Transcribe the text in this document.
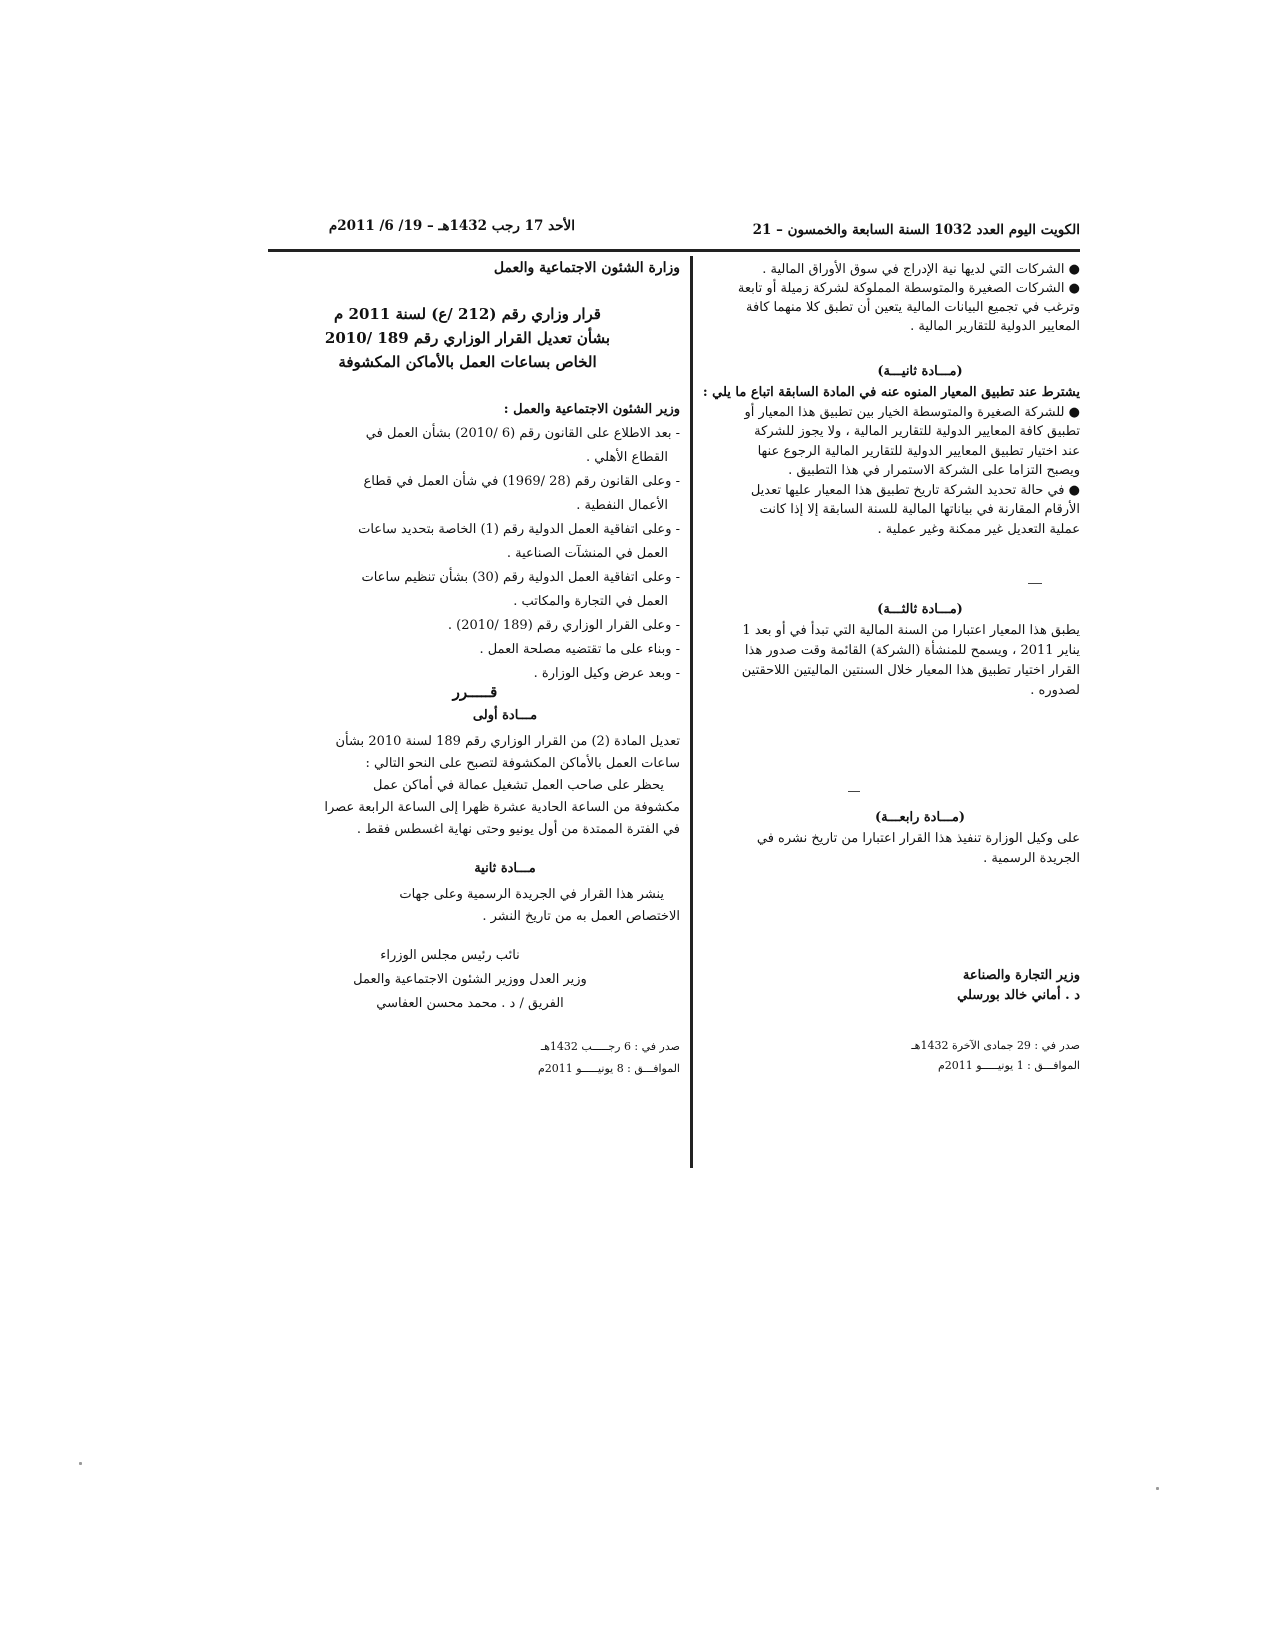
الكويت اليوم العدد 1032 السنة السابعة والخمسون – 21
الأحد 17 رجب 1432هـ – 19/ 6/ 2011م
● الشركات التي لديها نية الإدراج في سوق الأوراق المالية .
● الشركات الصغيرة والمتوسطة المملوكة لشركة زميلة أو تابعة
وترغب في تجميع البيانات المالية يتعين أن تطبق كلا منهما كافة
المعايير الدولية للتقارير المالية .
(مـــادة ثانيـــة)
يشترط عند تطبيق المعيار المنوه عنه في المادة السابقة اتباع ما يلي :
● للشركة الصغيرة والمتوسطة الخيار بين تطبيق هذا المعيار أو
تطبيق كافة المعايير الدولية للتقارير المالية ، ولا يجوز للشركة
عند اختيار تطبيق المعايير الدولية للتقارير المالية الرجوع عنها
ويصبح التزاما على الشركة الاستمرار في هذا التطبيق .
● في حالة تحديد الشركة تاريخ تطبيق هذا المعيار عليها تعديل
الأرقام المقارنة في بياناتها المالية للسنة السابقة إلا إذا كانت
عملية التعديل غير ممكنة وغير عملية .
(مـــادة ثالثـــة)
يطبق هذا المعيار اعتبارا من السنة المالية التي تبدأ في أو بعد 1
يناير 2011 ، ويسمح للمنشأة (الشركة) القائمة وقت صدور هذا
القرار اختيار تطبيق هذا المعيار خلال السنتين الماليتين اللاحقتين
لصدوره .
(مـــادة رابعـــة)
على وكيل الوزارة تنفيذ هذا القرار اعتبارا من تاريخ نشره في
الجريدة الرسمية .
وزير التجارة والصناعة
د . أماني خالد بورسلي
صدر في : 29 جمادى الآخرة 1432هـ
الموافـــق : 1 يونيـــــو 2011م
وزارة الشئون الاجتماعية والعمل
قرار وزاري رقم (212 /ع) لسنة 2011 م
بشأن تعديل القرار الوزاري رقم 189 /2010
الخاص بساعات العمل بالأماكن المكشوفة
وزير الشئون الاجتماعية والعمل :
- بعد الاطلاع على القانون رقم (6 /2010) بشأن العمل في
القطاع الأهلي .
- وعلى القانون رقم (28 /1969) في شأن العمل في قطاع
الأعمال النفطية .
- وعلى اتفاقية العمل الدولية رقم (1) الخاصة بتحديد ساعات
العمل في المنشآت الصناعية .
- وعلى اتفاقية العمل الدولية رقم (30) بشأن تنظيم ساعات
العمل في التجارة والمكاتب .
- وعلى القرار الوزاري رقم (189 /2010) .
- وبناء على ما تقتضيه مصلحة العمل .
- وبعد عرض وكيل الوزارة .
قـــــرر
مـــادة أولى
تعديل المادة (2) من القرار الوزاري رقم 189 لسنة 2010 بشأن
ساعات العمل بالأماكن المكشوفة لتصبح على النحو التالي :
يحظر على صاحب العمل تشغيل عمالة في أماكن عمل
مكشوفة من الساعة الحادية عشرة ظهرا إلى الساعة الرابعة عصرا
في الفترة الممتدة من أول يونيو وحتى نهاية اغسطس فقط .
مـــادة ثانية
ينشر هذا القرار في الجريدة الرسمية وعلى جهات
الاختصاص العمل به من تاريخ النشر .
نائب رئيس مجلس الوزراء
وزير العدل ووزير الشئون الاجتماعية والعمل
الفريق / د . محمد محسن العفاسي
صدر في : 6 رجـــــب 1432هـ
الموافـــق : 8 يونيـــــو 2011م
